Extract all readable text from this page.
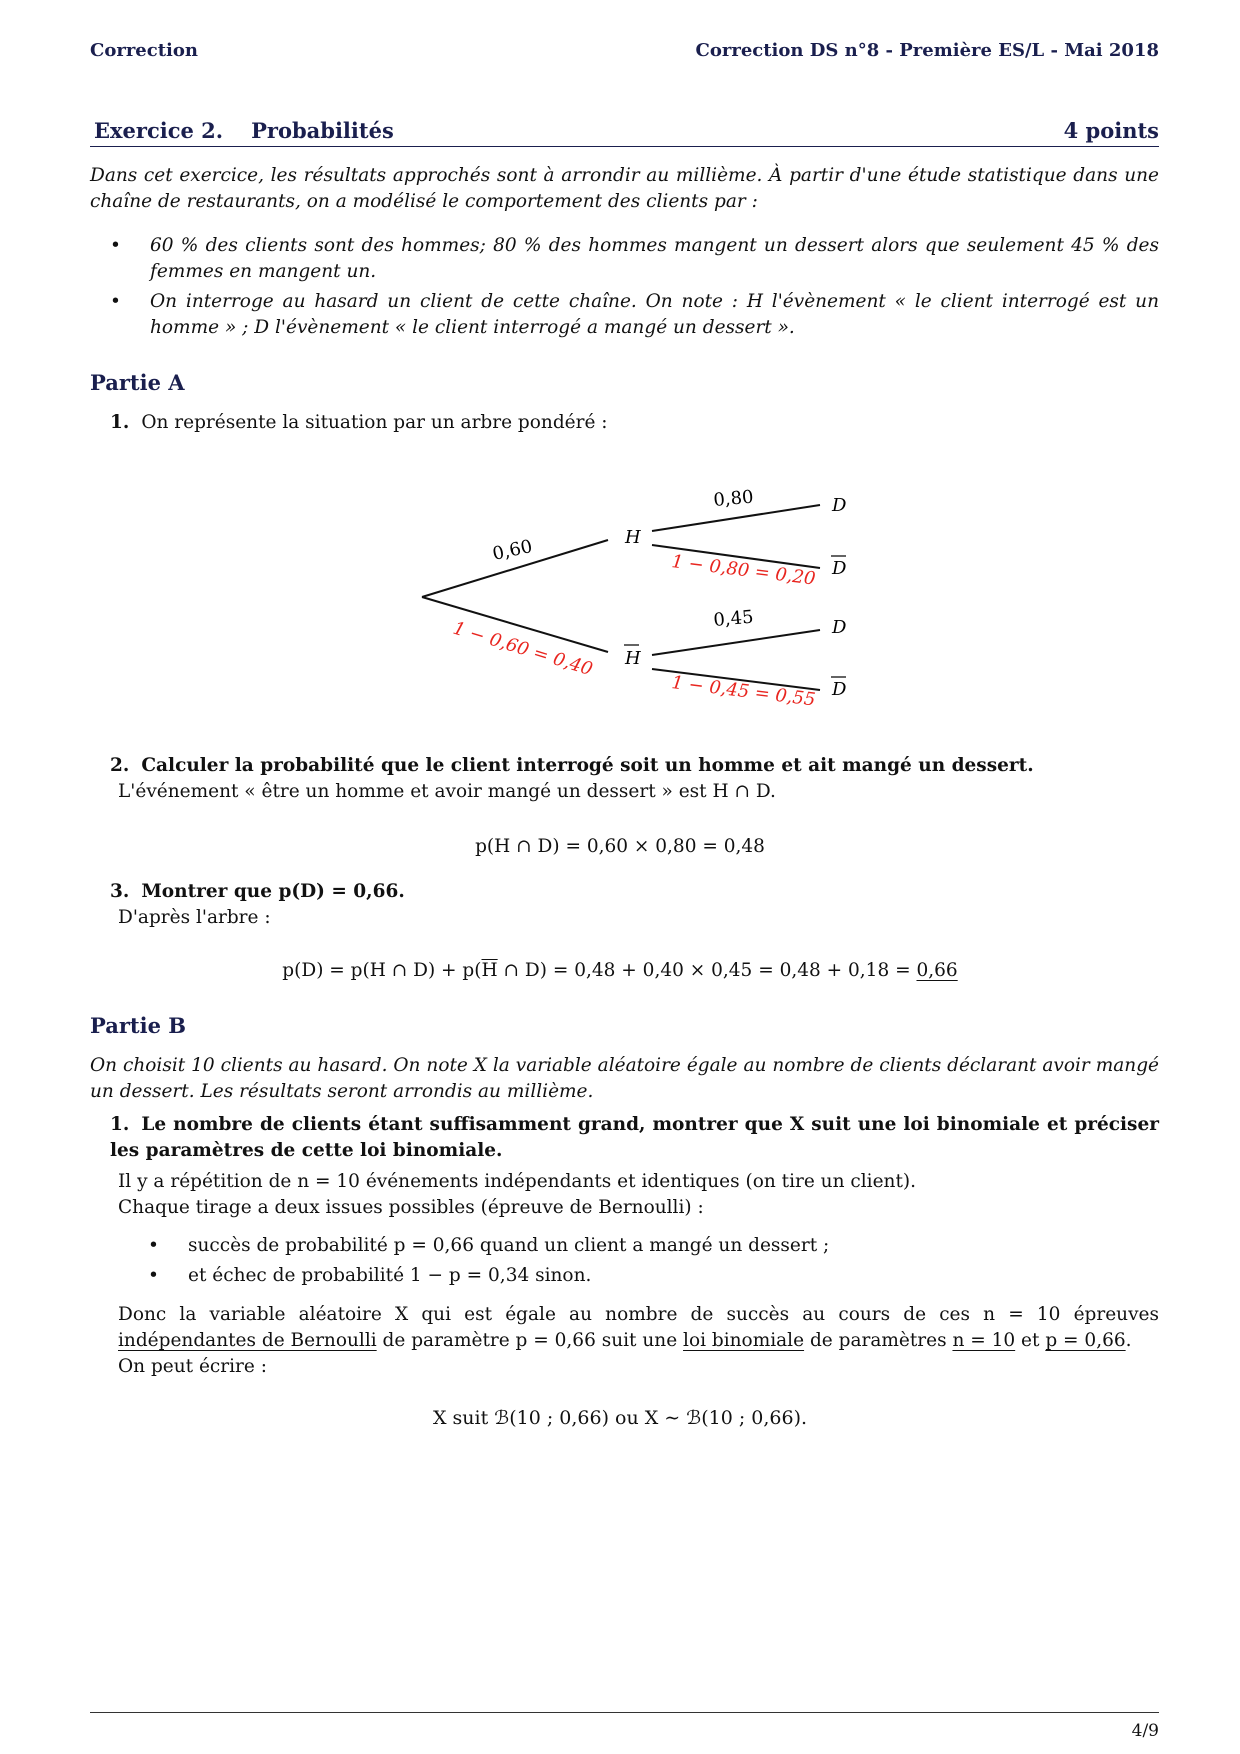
Correction	Correction DS n°8 - Première ES/L - Mai 2018
Exercice 2. Probabilités	4 points
Dans cet exercice, les résultats approchés sont à arrondir au millième. À partir d'une étude statistique dans une chaîne de restaurants, on a modélisé le comportement des clients par :
• 60 % des clients sont des hommes; 80 % des hommes mangent un dessert alors que seulement 45 % des femmes en mangent un.
• On interroge au hasard un client de cette chaîne. On note : H l'évènement « le client interrogé est un homme » ; D l'évènement « le client interrogé a mangé un dessert ».
Partie A
1. On représente la situation par un arbre pondéré :
0,60
1 − 0,60 = 0,40
H
H
0,80
1 − 0,80 = 0,20
0,45
1 − 0,45 = 0,55
D
D
D
D
2. Calculer la probabilité que le client interrogé soit un homme et ait mangé un dessert.
L'événement « être un homme et avoir mangé un dessert » est H ∩ D.
p(H ∩ D) = 0,60 × 0,80 = 0,48
3. Montrer que p(D) = 0,66.
D'après l'arbre :
p(D) = p(H ∩ $D) + p(\overline{H}$ ∩ D) = 0,48 + 0,40 × 0,45 = 0,48 + 0,18 = 0,66
Partie B
On choisit 10 clients au hasard. On note X la variable aléatoire égale au nombre de clients déclarant avoir mangé un dessert. Les résultats seront arrondis au millième.
1. Le nombre de clients étant suffisamment grand, montrer que X suit une loi binomiale et préciser les paramètres de cette loi binomiale.
Il y a répétition de n = 10 événements indépendants et identiques (on tire un client).
Chaque tirage a deux issues possibles (épreuve de Bernoulli) :
• succès de probabilité p = 0,66 quand un client a mangé un dessert ;
• et échec de probabilité 1 − p = 0,34 sinon.
Donc la variable aléatoire X qui est égale au nombre de succès au cours de ces n = 10 épreuves indépendantes de Bernoulli de paramètre p = 0,66 suit une loi binomiale de paramètres n = 10 et p = 0,66.
On peut écrire :
X suit ℬ(10 ; 0,66) ou X ∼ ℬ(10 ; 0,66).
4/9
